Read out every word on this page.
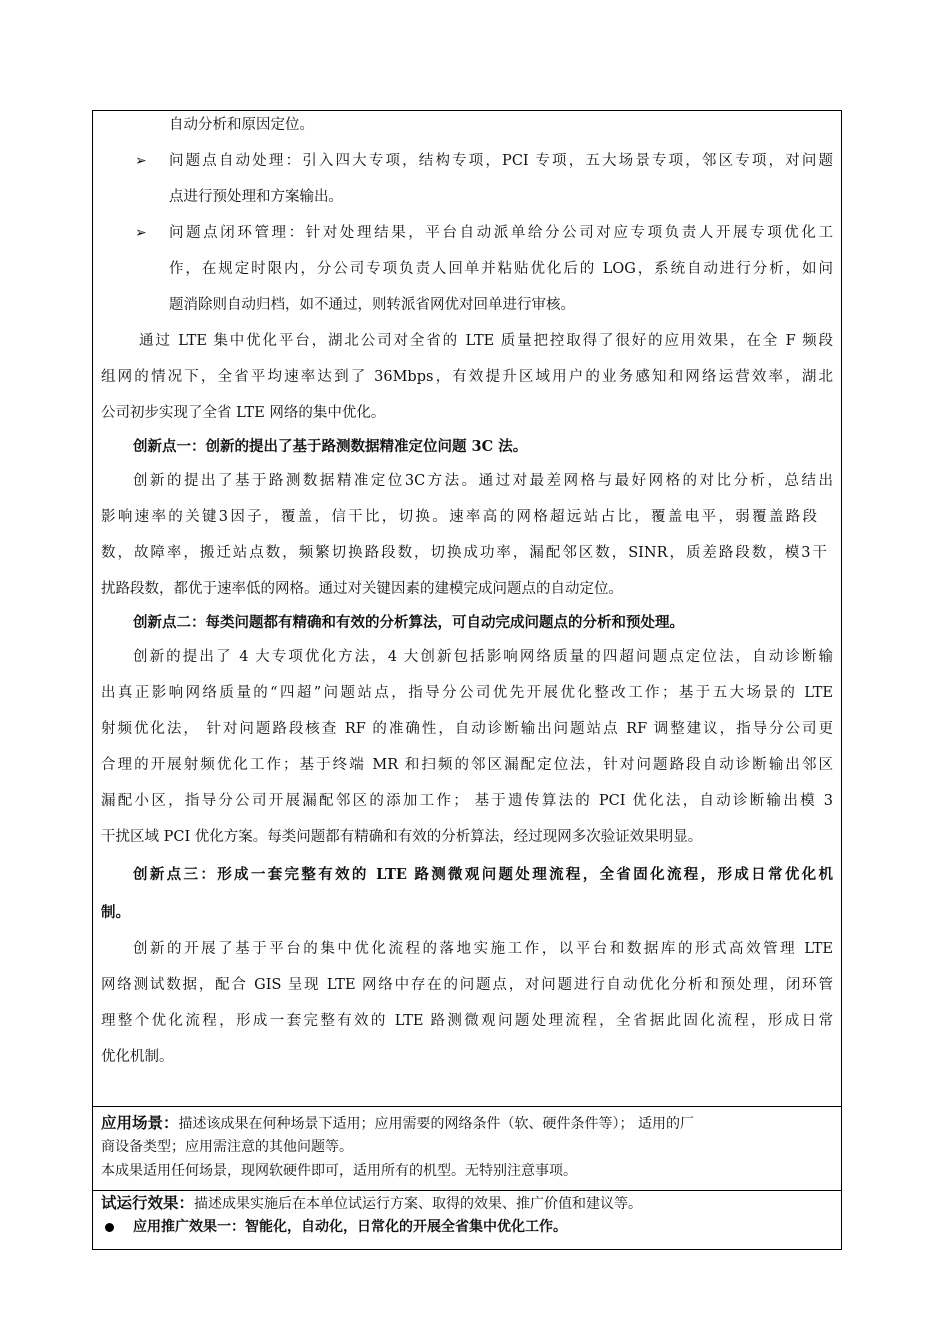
自动分析和原因定位。

➢ 问题点自动处理：引入四大专项，结构专项，PCI 专项，五大场景专项，邻区专项，对问题

点进行预处理和方案输出。

➢ 问题点闭环管理：针对处理结果，平台自动派单给分公司对应专项负责人开展专项优化工

作，在规定时限内，分公司专项负责人回单并粘贴优化后的 LOG，系统自动进行分析，如问

题消除则自动归档，如不通过，则转派省网优对回单进行审核。

通过 LTE 集中优化平台，湖北公司对全省的 LTE 质量把控取得了很好的应用效果，在全 F 频段

组网的情况下，全省平均速率达到了 36Mbps，有效提升区域用户的业务感知和网络运营效率，湖北

公司初步实现了全省 LTE 网络的集中优化。

创新点一：创新的提出了基于路测数据精准定位问题 3C 法。

创新的提出了基于路测数据精准定位3C方法。通过对最差网格与最好网格的对比分析，总结出

影响速率的关键3因子，覆盖，信干比，切换。速率高的网格超远站占比，覆盖电平，弱覆盖路段

数，故障率，搬迁站点数，频繁切换路段数，切换成功率，漏配邻区数，SINR，质差路段数，模3干

扰路段数，都优于速率低的网格。通过对关键因素的建模完成问题点的自动定位。

创新点二：每类问题都有精确和有效的分析算法，可自动完成问题点的分析和预处理。

创新的提出了 4 大专项优化方法，4 大创新包括影响网络质量的四超问题点定位法，自动诊断输

出真正影响网络质量的“四超”问题站点，指导分公司优先开展优化整改工作；基于五大场景的 LTE

射频优化法， 针对问题路段核查 RF 的准确性，自动诊断输出问题站点 RF 调整建议，指导分公司更

合理的开展射频优化工作；基于终端 MR 和扫频的邻区漏配定位法，针对问题路段自动诊断输出邻区

漏配小区，指导分公司开展漏配邻区的添加工作； 基于遗传算法的 PCI 优化法，自动诊断输出模 3

干扰区域 PCI 优化方案。每类问题都有精确和有效的分析算法，经过现网多次验证效果明显。

创新点三：形成一套完整有效的 LTE 路测微观问题处理流程，全省固化流程，形成日常优化机

制。

创新的开展了基于平台的集中优化流程的落地实施工作，以平台和数据库的形式高效管理 LTE

网络测试数据，配合 GIS 呈现 LTE 网络中存在的问题点，对问题进行自动优化分析和预处理，闭环管

理整个优化流程，形成一套完整有效的 LTE 路测微观问题处理流程，全省据此固化流程，形成日常

优化机制。

应用场景：描述该成果在何种场景下适用；应用需要的网络条件（软、硬件条件等）； 适用的厂

商设备类型；应用需注意的其他问题等。

本成果适用任何场景，现网软硬件即可，适用所有的机型。无特别注意事项。

试运行效果：描述成果实施后在本单位试运行方案、取得的效果、推广价值和建议等。

应用推广效果一：智能化，自动化，日常化的开展全省集中优化工作。
